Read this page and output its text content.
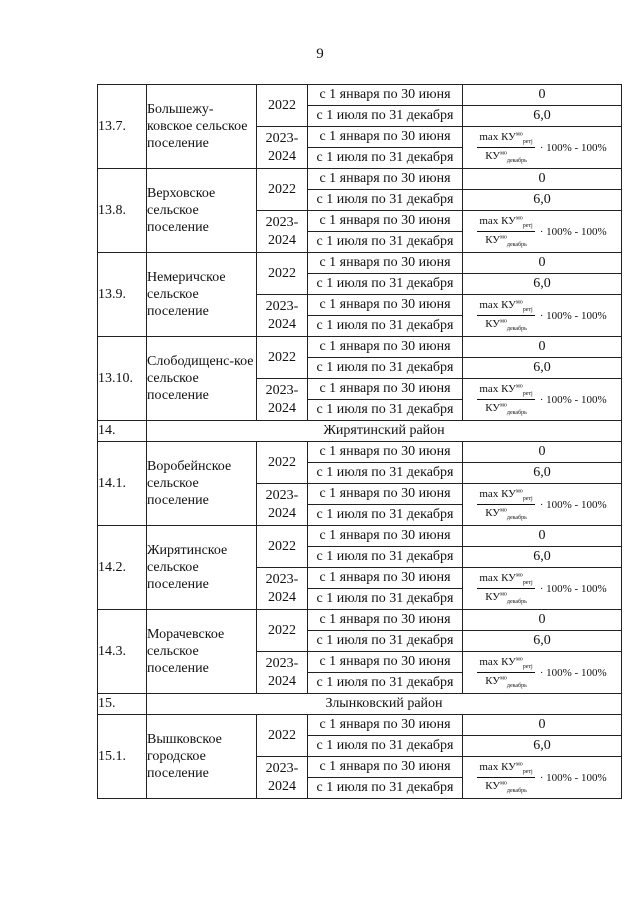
9
13.7.	Большежу-ковское сельское поселение	2022	с 1 января по 30 июня	0
			с 1 июля по 31 декабря	6,0
		2023-2024	с 1 января по 30 июня	$\frac{\max КУ^{мо}_{ретj}}{КУ^{мо}_{декабрь}} \cdot 100\% - 100\%$

			с 1 июля по 31 декабря	
13.8.	Верховское сельское поселение	2022	с 1 января по 30 июня	0
			с 1 июля по 31 декабря	6,0
		2023-2024	с 1 января по 30 июня	$\frac{\max КУ^{мо}_{ретj}}{КУ^{мо}_{декабрь}} \cdot 100\% - 100\%$

			с 1 июля по 31 декабря	
13.9.	Немеричское сельское поселение	2022	с 1 января по 30 июня	0
			с 1 июля по 31 декабря	6,0
		2023-2024	с 1 января по 30 июня	$\frac{\max КУ^{мо}_{ретj}}{КУ^{мо}_{декабрь}} \cdot 100\% - 100\%$

			с 1 июля по 31 декабря	
13.10.	Слободищенс-кое сельское поселение	2022	с 1 января по 30 июня	0
			с 1 июля по 31 декабря	6,0
		2023-2024	с 1 января по 30 июня	$\frac{\max КУ^{мо}_{ретj}}{КУ^{мо}_{декабрь}} \cdot 100\% - 100\%$

			с 1 июля по 31 декабря	
14.	Жирятинский район			
14.1.	Воробейнское сельское поселение	2022	с 1 января по 30 июня	0
			с 1 июля по 31 декабря	6,0
		2023-2024	с 1 января по 30 июня	$\frac{\max КУ^{мо}_{ретj}}{КУ^{мо}_{декабрь}} \cdot 100\% - 100\%$

			с 1 июля по 31 декабря	
14.2.	Жирятинское сельское поселение	2022	с 1 января по 30 июня	0
			с 1 июля по 31 декабря	6,0
		2023-2024	с 1 января по 30 июня	$\frac{\max КУ^{мо}_{ретj}}{КУ^{мо}_{декабрь}} \cdot 100\% - 100\%$

			с 1 июля по 31 декабря	
14.3.	Морачевское сельское поселение	2022	с 1 января по 30 июня	0
			с 1 июля по 31 декабря	6,0
		2023-2024	с 1 января по 30 июня	$\frac{\max КУ^{мо}_{ретj}}{КУ^{мо}_{декабрь}} \cdot 100\% - 100\%$

			с 1 июля по 31 декабря	
15.	Злынковский район			
15.1.	Вышковское городское поселение	2022	с 1 января по 30 июня	0
			с 1 июля по 31 декабря	6,0
		2023-2024	с 1 января по 30 июня	$\frac{\max КУ^{мо}_{ретj}}{КУ^{мо}_{декабрь}} \cdot 100\% - 100\%$

			с 1 июля по 31 декабря	
